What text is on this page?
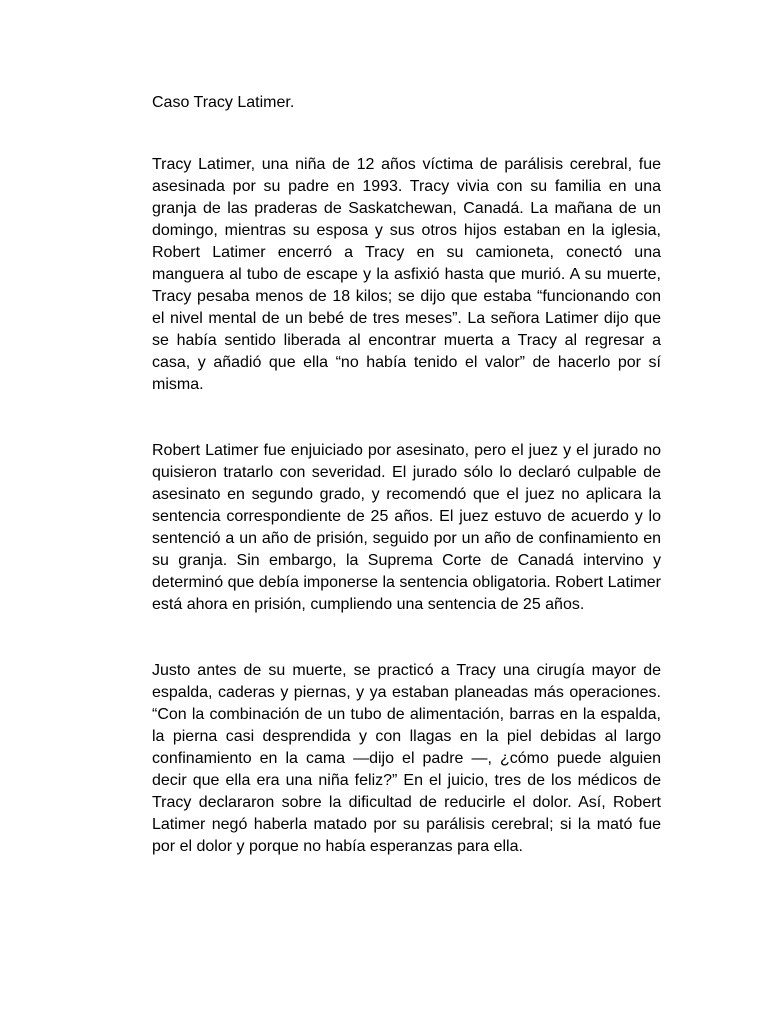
Caso Tracy Latimer.

Tracy Latimer, una niña de 12 años víctima de parálisis cerebral, fue asesinada por su padre en 1993. Tracy vivia con su familia en una granja de las praderas de Saskatchewan, Canadá. La mañana de un domingo, mientras su esposa y sus otros hijos estaban en la iglesia, Robert Latimer encerró a Tracy en su camioneta, conectó una manguera al tubo de escape y la asfixió hasta que murió. A su muerte, Tracy pesaba menos de 18 kilos; se dijo que estaba “funcionando con el nivel mental de un bebé de tres meses”. La señora Latimer dijo que se había sentido liberada al encontrar muerta a Tracy al regresar a casa, y añadió que ella “no había tenido el valor” de hacerlo por sí misma.

Robert Latimer fue enjuiciado por asesinato, pero el juez y el jurado no quisieron tratarlo con severidad. El jurado sólo lo declaró culpable de asesinato en segundo grado, y recomendó que el juez no aplicara la sentencia correspondiente de 25 años. El juez estuvo de acuerdo y lo sentenció a un año de prisión, seguido por un año de confinamiento en su granja. Sin embargo, la Suprema Corte de Canadá intervino y determinó que debía imponerse la sentencia obligatoria. Robert Latimer está ahora en prisión, cumpliendo una sentencia de 25 años.

Justo antes de su muerte, se practicó a Tracy una cirugía mayor de espalda, caderas y piernas, y ya estaban planeadas más operaciones. “Con la combinación de un tubo de alimentación, barras en la espalda, la pierna casi desprendida y con llagas en la piel debidas al largo confinamiento en la cama —dijo el padre —, ¿cómo puede alguien decir que ella era una niña feliz?” En el juicio, tres de los médicos de Tracy declararon sobre la dificultad de reducirle el dolor. Así, Robert Latimer negó haberla matado por su parálisis cerebral; si la mató fue por el dolor y porque no había esperanzas para ella.
